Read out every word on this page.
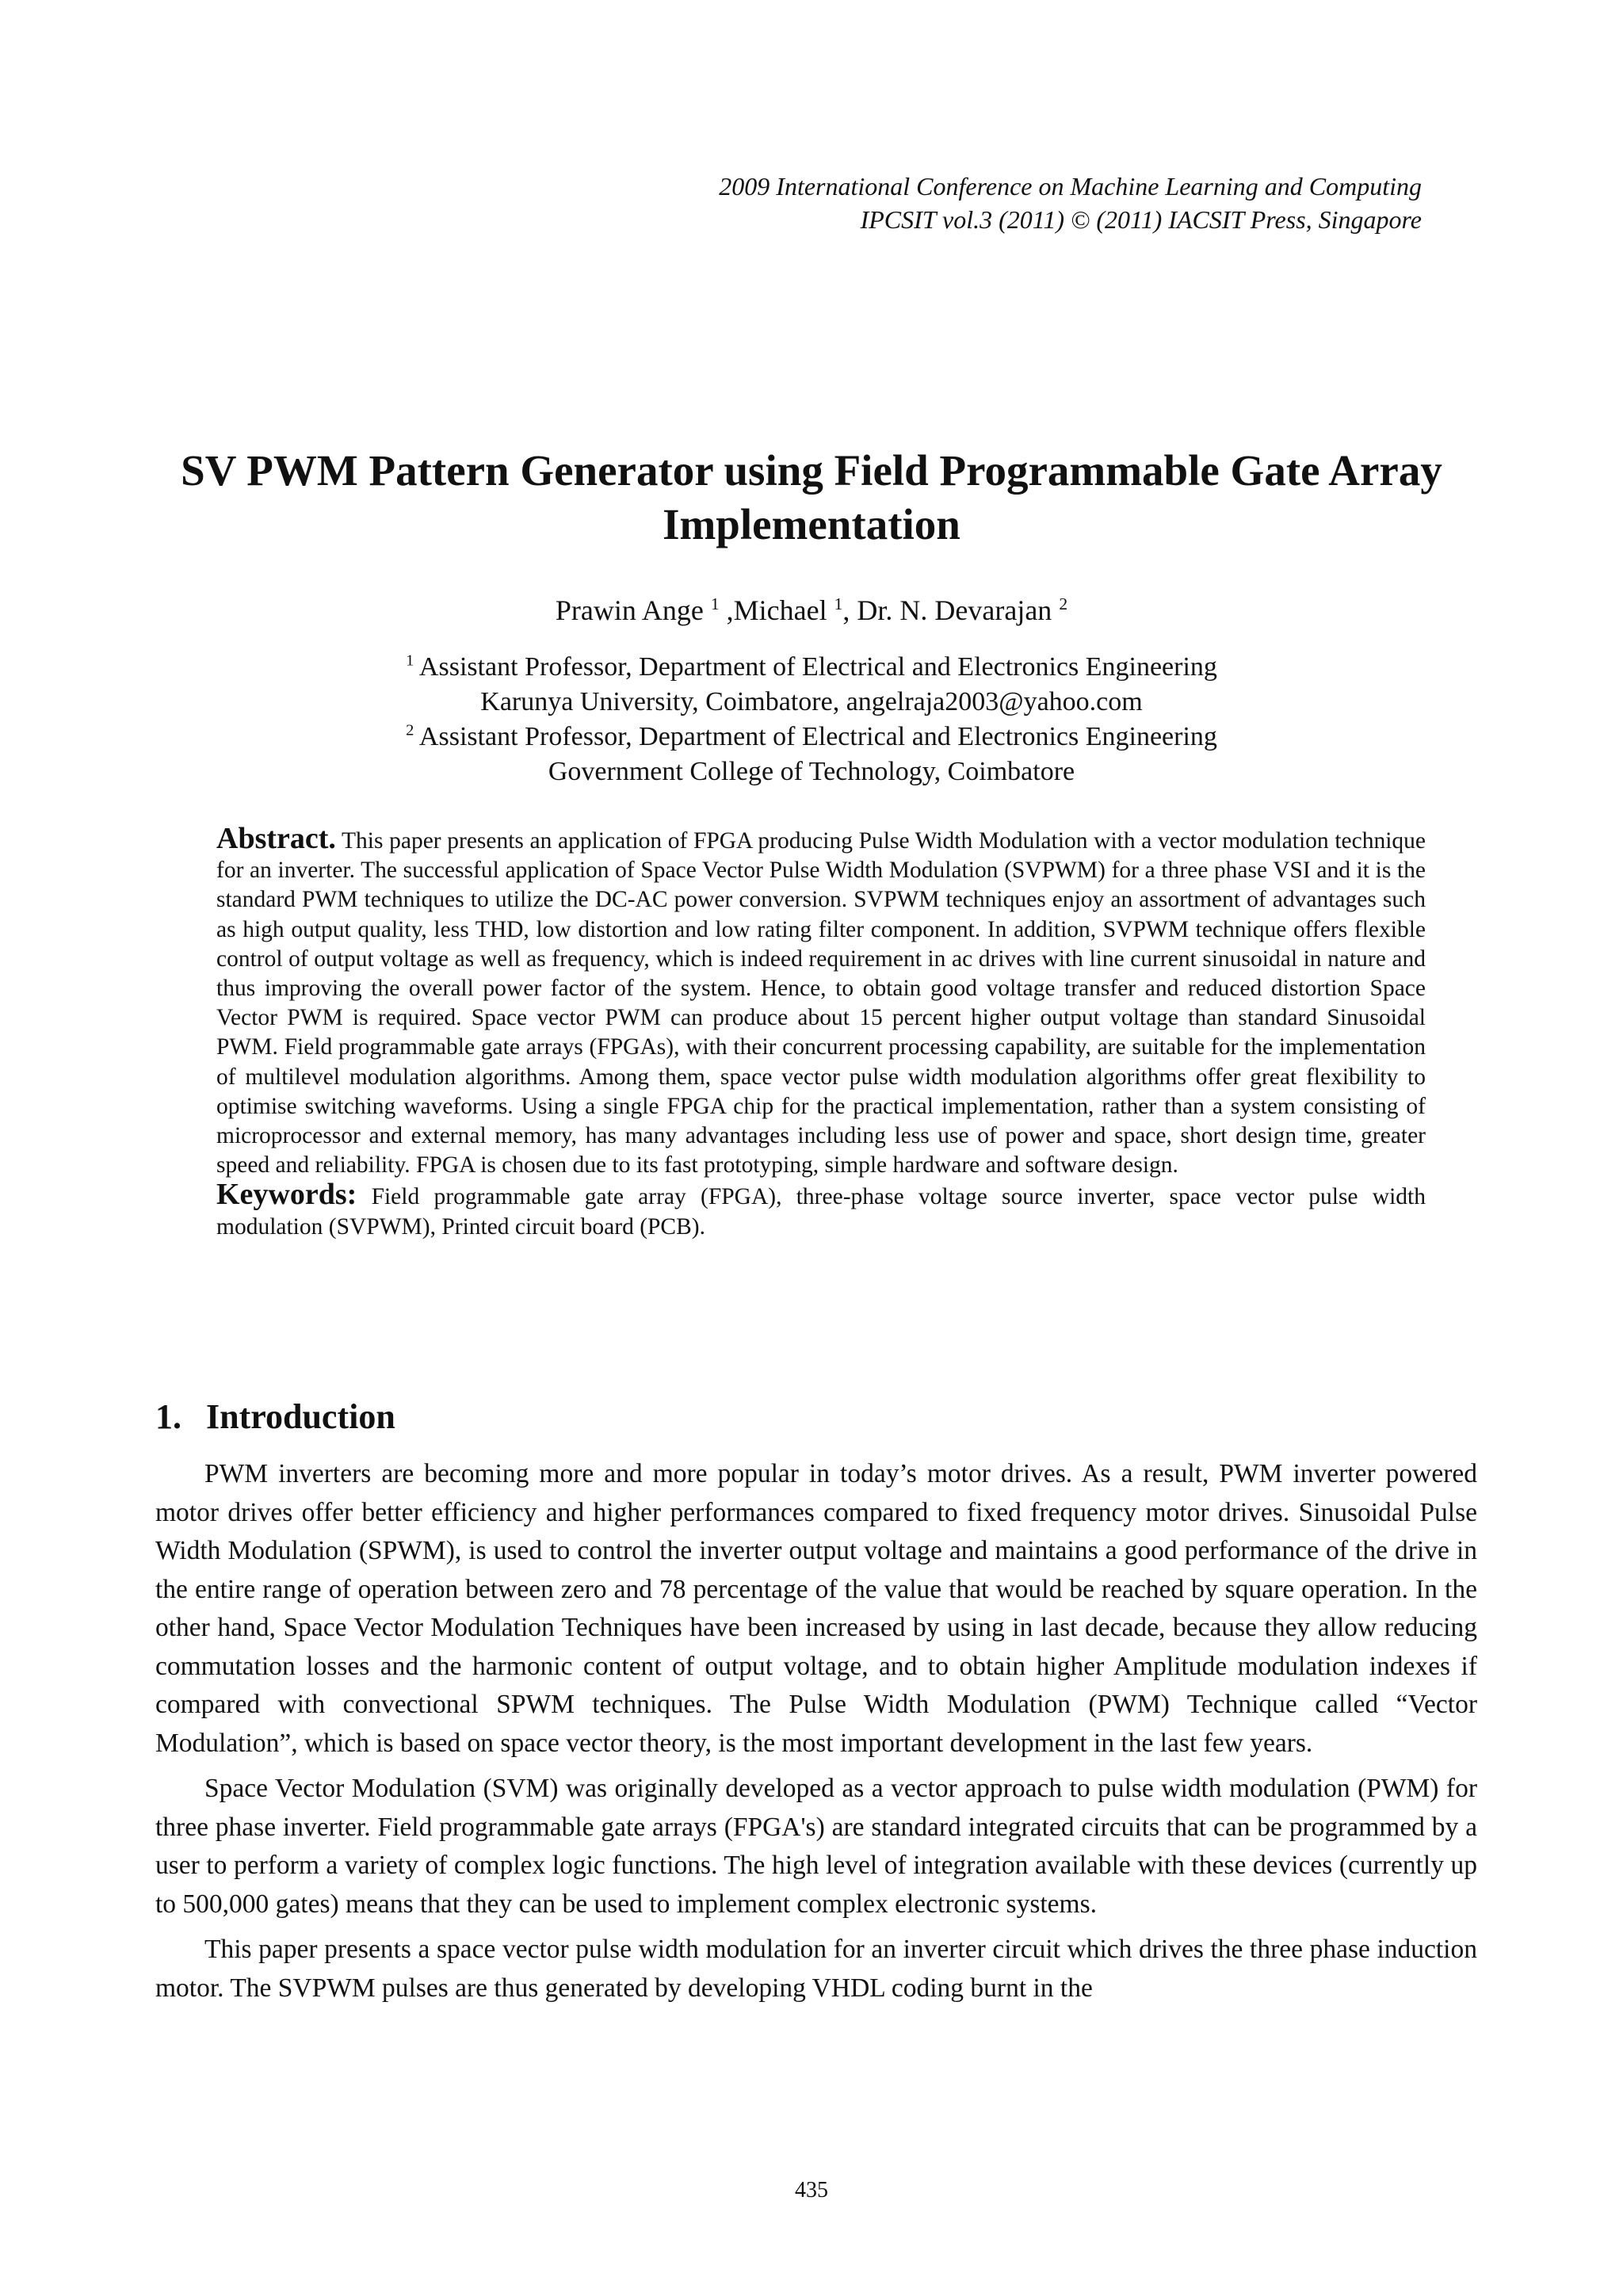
2009 International Conference on Machine Learning and Computing
IPCSIT vol.3 (2011) © (2011) IACSIT Press, Singapore
SV PWM Pattern Generator using Field Programmable Gate Array
Implementation
Prawin Ange $^1$ ,Michael $^1$, Dr. N. Devarajan $^2$
$^1$ Assistant Professor, Department of Electrical and Electronics Engineering
Karunya University, Coimbatore, angelraja2003@yahoo.com
$^2$ Assistant Professor, Department of Electrical and Electronics Engineering
Government College of Technology, Coimbatore

Abstract. This paper presents an application of FPGA producing Pulse Width Modulation with a vector modulation technique for an inverter. The successful application of Space Vector Pulse Width Modulation (SVPWM) for a three phase VSI and it is the standard PWM techniques to utilize the DC-AC power conversion. SVPWM techniques enjoy an assortment of advantages such as high output quality, less THD, low distortion and low rating filter component. In addition, SVPWM technique offers flexible control of output voltage as well as frequency, which is indeed requirement in ac drives with line current sinusoidal in nature and thus improving the overall power factor of the system. Hence, to obtain good voltage transfer and reduced distortion Space Vector PWM is required. Space vector PWM can produce about 15 percent higher output voltage than standard Sinusoidal PWM. Field programmable gate arrays (FPGAs), with their concurrent processing capability, are suitable for the implementation of multilevel modulation algorithms. Among them, space vector pulse width modulation algorithms offer great flexibility to optimise switching waveforms. Using a single FPGA chip for the practical implementation, rather than a system consisting of microprocessor and external memory, has many advantages including less use of power and space, short design time, greater speed and reliability. FPGA is chosen due to its fast prototyping, simple hardware and software design.

Keywords: Field programmable gate array (FPGA), three-phase voltage source inverter, space vector pulse width modulation (SVPWM), Printed circuit board (PCB).

1. Introduction

PWM inverters are becoming more and more popular in today’s motor drives. As a result, PWM inverter powered motor drives offer better efficiency and higher performances compared to fixed frequency motor drives. Sinusoidal Pulse Width Modulation (SPWM), is used to control the inverter output voltage and maintains a good performance of the drive in the entire range of operation between zero and 78 percentage of the value that would be reached by square operation. In the other hand, Space Vector Modulation Techniques have been increased by using in last decade, because they allow reducing commutation losses and the harmonic content of output voltage, and to obtain higher Amplitude modulation indexes if compared with convectional SPWM techniques. The Pulse Width Modulation (PWM) Technique called “Vector Modulation”, which is based on space vector theory, is the most important development in the last few years.

Space Vector Modulation (SVM) was originally developed as a vector approach to pulse width modulation (PWM) for three phase inverter. Field programmable gate arrays (FPGA's) are standard integrated circuits that can be programmed by a user to perform a variety of complex logic functions. The high level of integration available with these devices (currently up to 500,000 gates) means that they can be used to implement complex electronic systems.

This paper presents a space vector pulse width modulation for an inverter circuit which drives the three phase induction motor. The SVPWM pulses are thus generated by developing VHDL coding burnt in the

435
